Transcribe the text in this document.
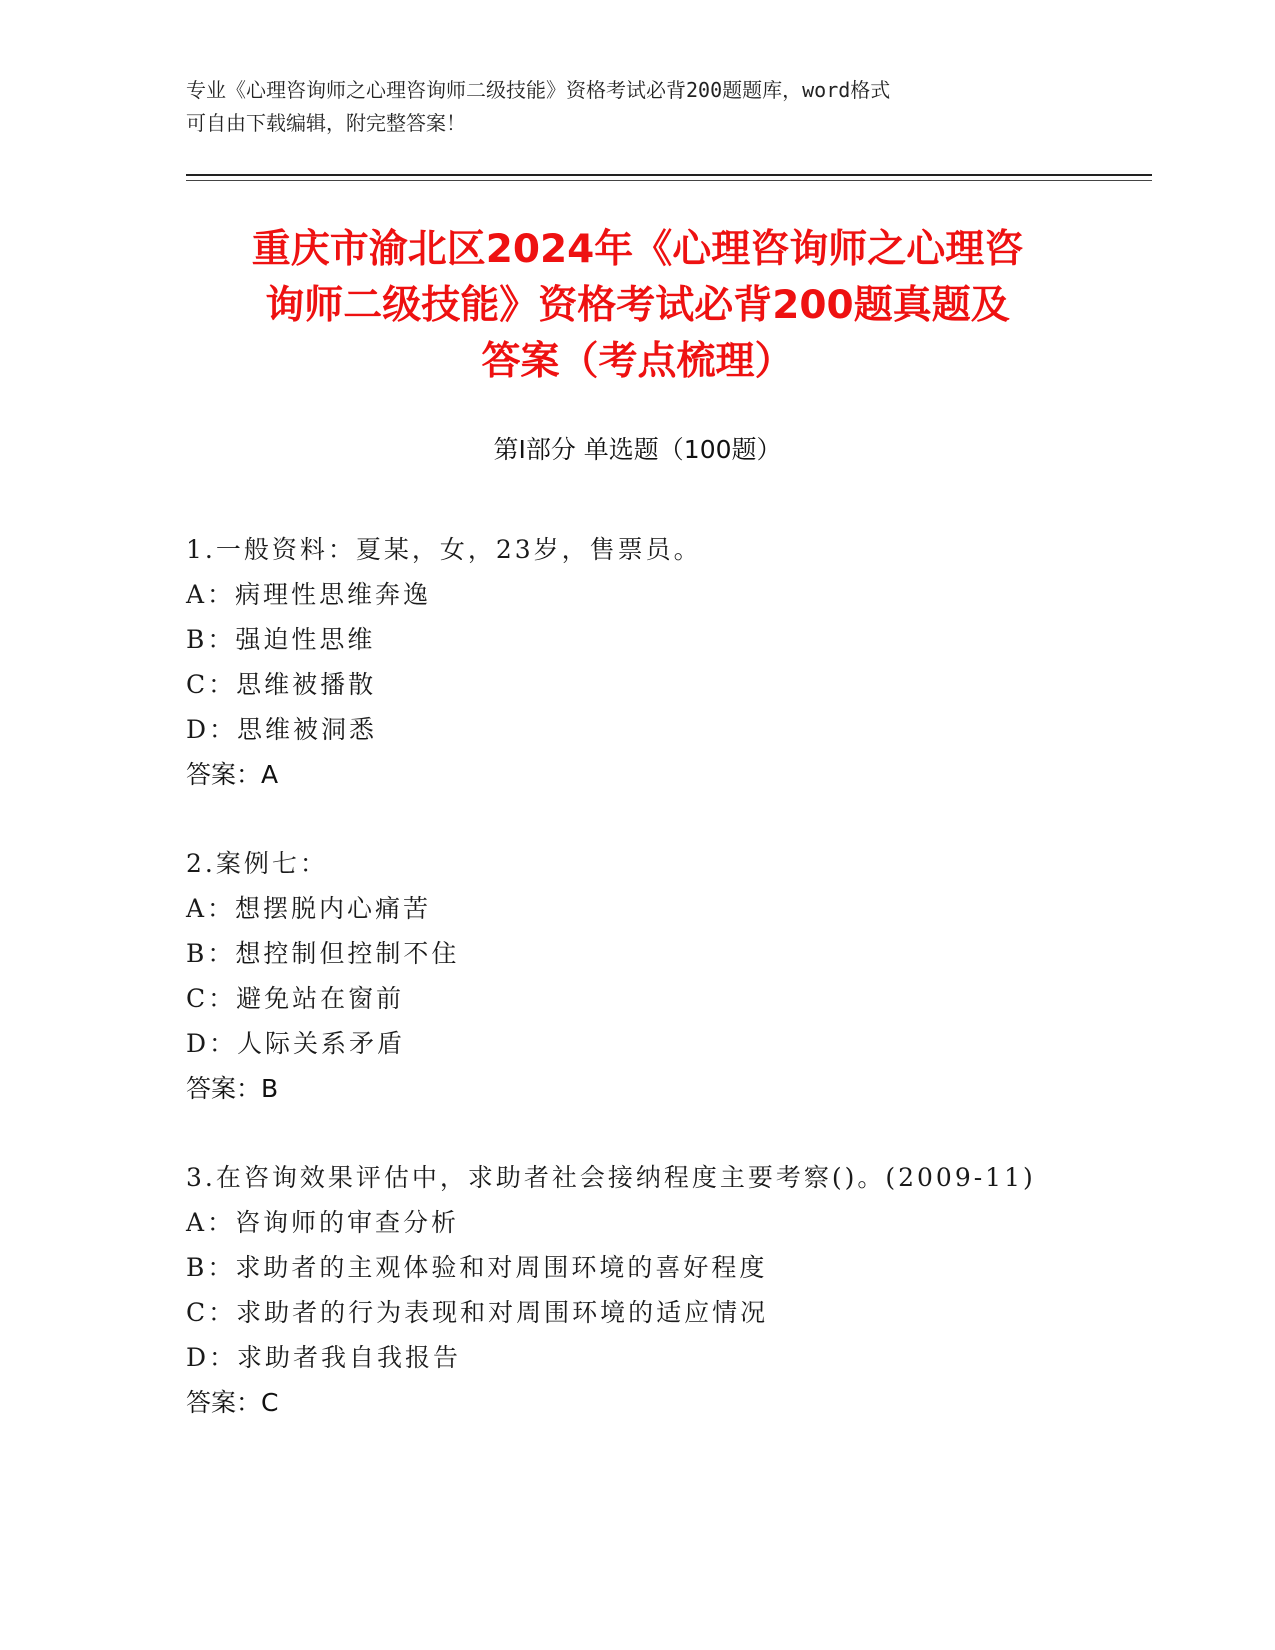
专业《心理咨询师之心理咨询师二级技能》资格考试必背200题题库，word格式
可自由下载编辑，附完整答案！
重庆市渝北区2024年《心理咨询师之心理咨
询师二级技能》资格考试必背200题真题及
答案（考点梳理）
第I部分 单选题（100题）
1.一般资料：夏某，女，23岁，售票员。
A：病理性思维奔逸
B：强迫性思维
C：思维被播散
D：思维被洞悉
答案：A
2.案例七：
A：想摆脱内心痛苦
B：想控制但控制不住
C：避免站在窗前
D：人际关系矛盾
答案：B
3.在咨询效果评估中，求助者社会接纳程度主要考察()。(2009-11)
A：咨询师的审查分析
B：求助者的主观体验和对周围环境的喜好程度
C：求助者的行为表现和对周围环境的适应情况
D：求助者我自我报告
答案：C
